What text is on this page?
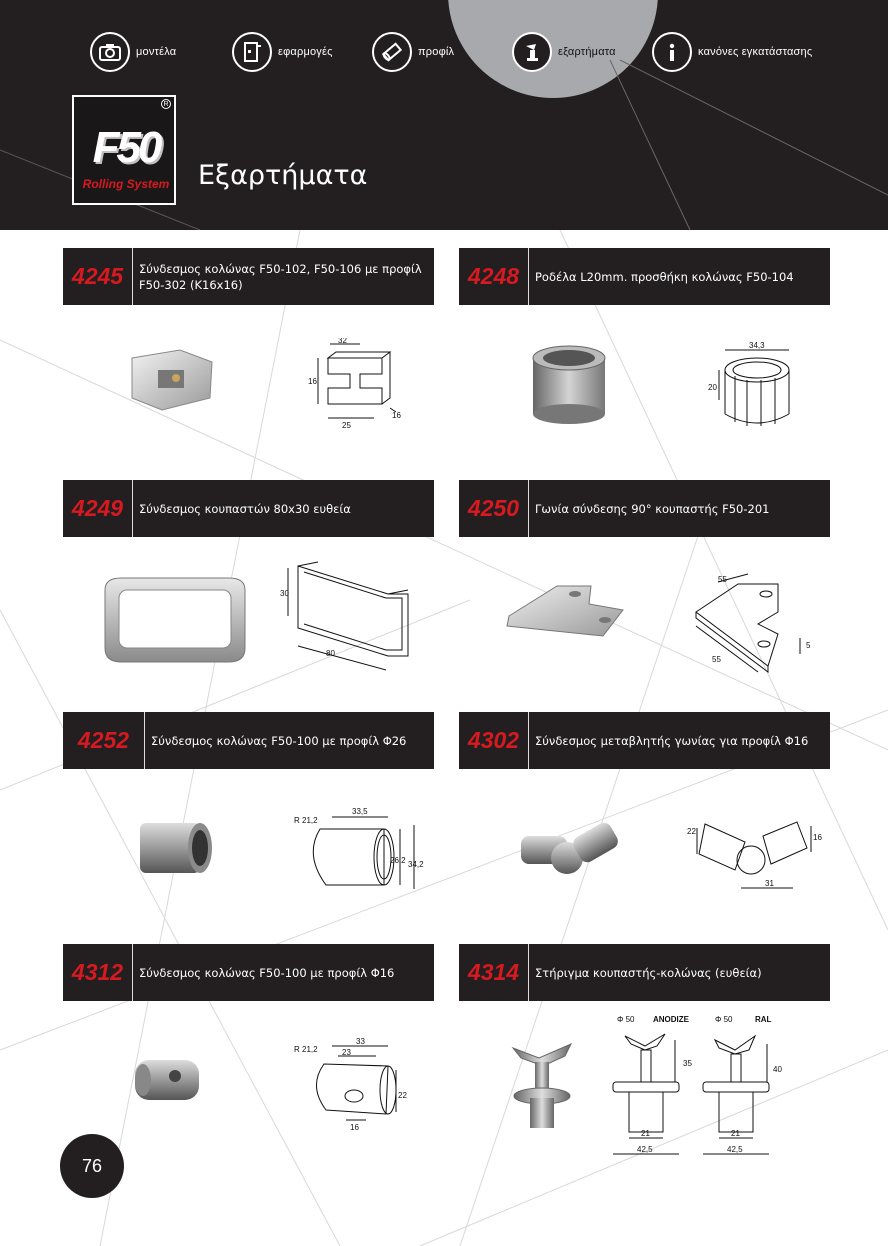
μοντέλα	εφαρμογές	προφίλ	εξαρτήματα	κανόνες εγκατάστασης
R
F50
Rolling System Εξαρτήματα
4245	Σύνδεσμος κολώνας F50-102, F50-106 με προφίλ F50-302 (K16x16)
32
16
25
16
4248	Ροδέλα L20mm. προσθήκη κολώνας F50-104
34,3
20
4249	Σύνδεσμος κουπαστών 80x30 ευθεία
30
80
4250	Γωνία σύνδεσης 90° κουπαστής F50-201
55
55
5
4252	Σύνδεσμος κολώνας F50-100 με προφίλ Φ26
R 21,2
33,5
26,2 34,2
4302	Σύνδεσμος μεταβλητής γωνίας για προφίλ Φ16
22
16
31
4312	Σύνδεσμος κολώνας F50-100 με προφίλ Φ16
R 21,2
33
23
22
16
4314	Στήριγμα κουπαστής-κολώνας (ευθεία)
Φ 50 ANODIZE	Φ 50	RAL
35
40
21
42,5
21
42,5
76
